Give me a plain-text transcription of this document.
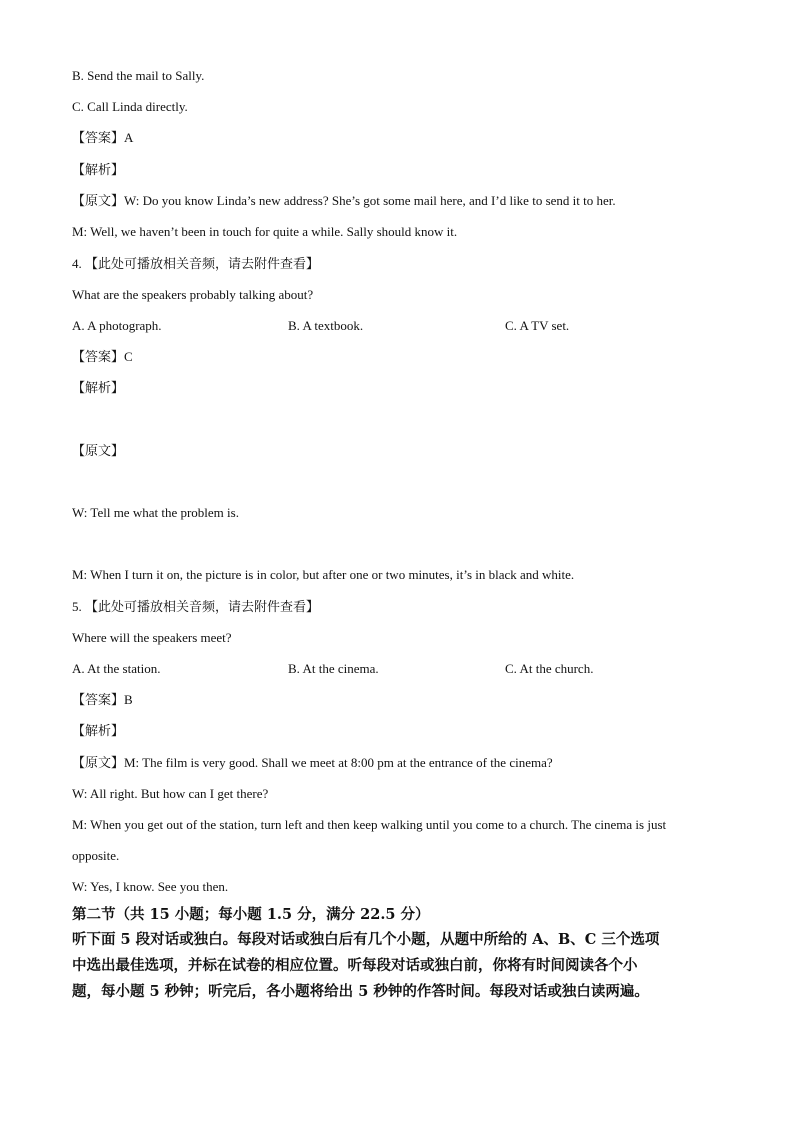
B. Send the mail to Sally.
C. Call Linda directly.
【答案】A
【解析】
【原文】W: Do you know Linda’s new address? She’s got some mail here, and I’d like to send it to her.
M: Well, we haven’t been in touch for quite a while. Sally should know it.
4. 【此处可播放相关音频，请去附件查看】
What are the speakers probably talking about?
A. A photograph.	B. A textbook.	C. A TV set.
【答案】C
【解析】
【原文】
W: Tell me what the problem is.
M: When I turn it on, the picture is in color, but after one or two minutes, it’s in black and white.
5. 【此处可播放相关音频，请去附件查看】
Where will the speakers meet?
A. At the station.	B. At the cinema.	C. At the church.
【答案】B
【解析】
【原文】M: The film is very good. Shall we meet at 8:00 pm at the entrance of the cinema?
W: All right. But how can I get there?
M: When you get out of the station, turn left and then keep walking until you come to a church. The cinema is just
opposite.
W: Yes, I know. See you then.
第二节（共 15 小题；每小题 1.5 分，满分 22.5 分）
听下面 5 段对话或独白。每段对话或独白后有几个小题，从题中所给的 A、B、C 三个选项
中选出最佳选项，并标在试卷的相应位置。听每段对话或独白前，你将有时间阅读各个小
题，每小题 5 秒钟；听完后，各小题将给出 5 秒钟的作答时间。每段对话或独白读两遍。
